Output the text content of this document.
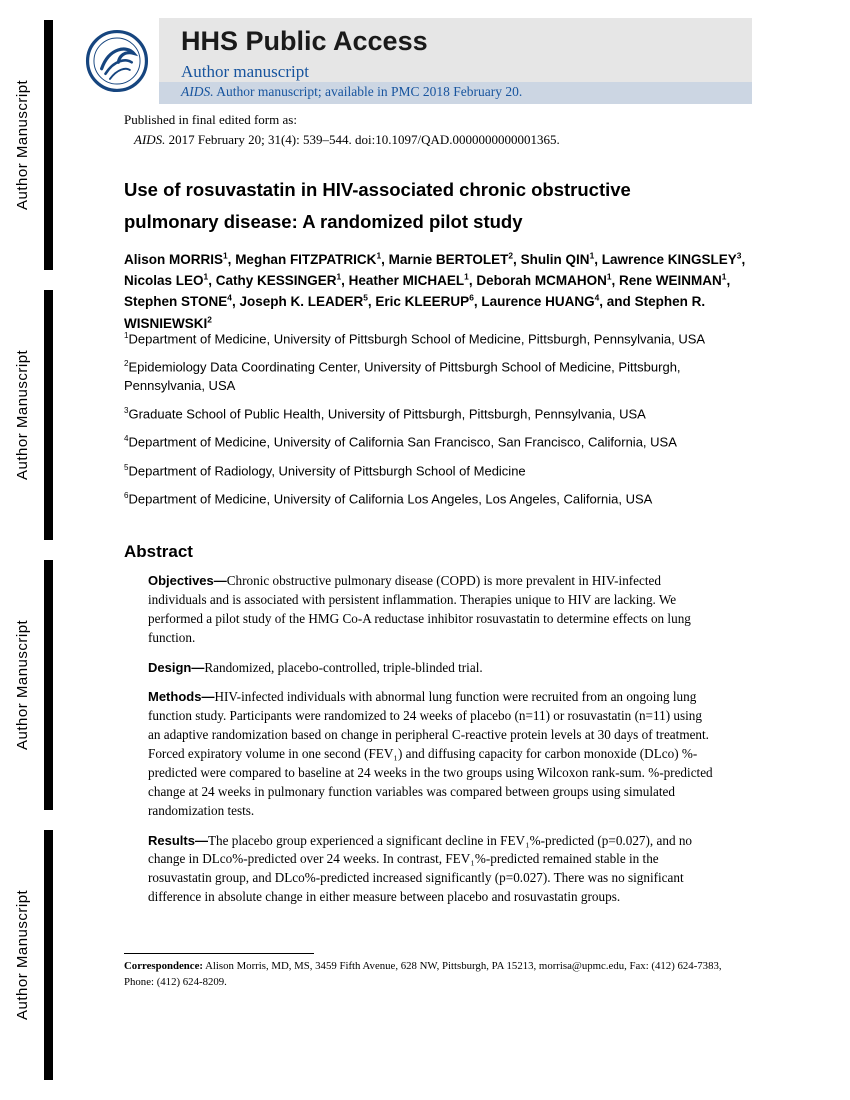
Author Manuscript
Author Manuscript
Author Manuscript
Author Manuscript
HHS Public Access
Author manuscript
AIDS. Author manuscript; available in PMC 2018 February 20.
Published in final edited form as:
AIDS. 2017 February 20; 31(4): 539–544. doi:10.1097/QAD.0000000000001365.
Use of rosuvastatin in HIV-associated chronic obstructive pulmonary disease: A randomized pilot study
Alison MORRIS$^1$, Meghan FITZPATRICK$^1$, Marnie BERTOLET$^2$, Shulin QIN$^1$, Lawrence KINGSLEY$^3$, Nicolas LEO$^1$, Cathy KESSINGER$^1$, Heather MICHAEL$^1$, Deborah MCMAHON$^1$, Rene WEINMAN$^1$, Stephen STONE$^4$, Joseph K. LEADER$^5$, Eric KLEERUP$^6$, Laurence HUANG$^4$, and Stephen R. WISNIEWSKI$^2$

$^1$Department of Medicine, University of Pittsburgh School of Medicine, Pittsburgh, Pennsylvania, USA

$^2$Epidemiology Data Coordinating Center, University of Pittsburgh School of Medicine, Pittsburgh, Pennsylvania, USA

$^3$Graduate School of Public Health, University of Pittsburgh, Pittsburgh, Pennsylvania, USA

$^4$Department of Medicine, University of California San Francisco, San Francisco, California, USA

$^5$Department of Radiology, University of Pittsburgh School of Medicine

$^6$Department of Medicine, University of California Los Angeles, Los Angeles, California, USA

Abstract

Objectives—Chronic obstructive pulmonary disease (COPD) is more prevalent in HIV-infected individuals and is associated with persistent inflammation. Therapies unique to HIV are lacking. We performed a pilot study of the HMG Co-A reductase inhibitor rosuvastatin to determine effects on lung function.

Design—Randomized, placebo-controlled, triple-blinded trial.

Methods—HIV-infected individuals with abnormal lung function were recruited from an ongoing lung function study. Participants were randomized to 24 weeks of placebo (n=11) or rosuvastatin (n=11) using an adaptive randomization based on change in peripheral C-reactive protein levels at 30 days of treatment. Forced expiratory volume in one second (FEV₁) and diffusing capacity for carbon monoxide (DLco) %-predicted were compared to baseline at 24 weeks in the two groups using Wilcoxon rank-sum. %-predicted change at 24 weeks in pulmonary function variables was compared between groups using simulated randomization tests.

Results—The placebo group experienced a significant decline in FEV₁%-predicted (p=0.027), and no change in DLco%-predicted over 24 weeks. In contrast, FEV₁%-predicted remained stable in the rosuvastatin group, and DLco%-predicted increased significantly (p=0.027). There was no significant difference in absolute change in either measure between placebo and rosuvastatin groups.

Correspondence: Alison Morris, MD, MS, 3459 Fifth Avenue, 628 NW, Pittsburgh, PA 15213, morrisa@upmc.edu, Fax: (412) 624-7383, Phone: (412) 624-8209.
